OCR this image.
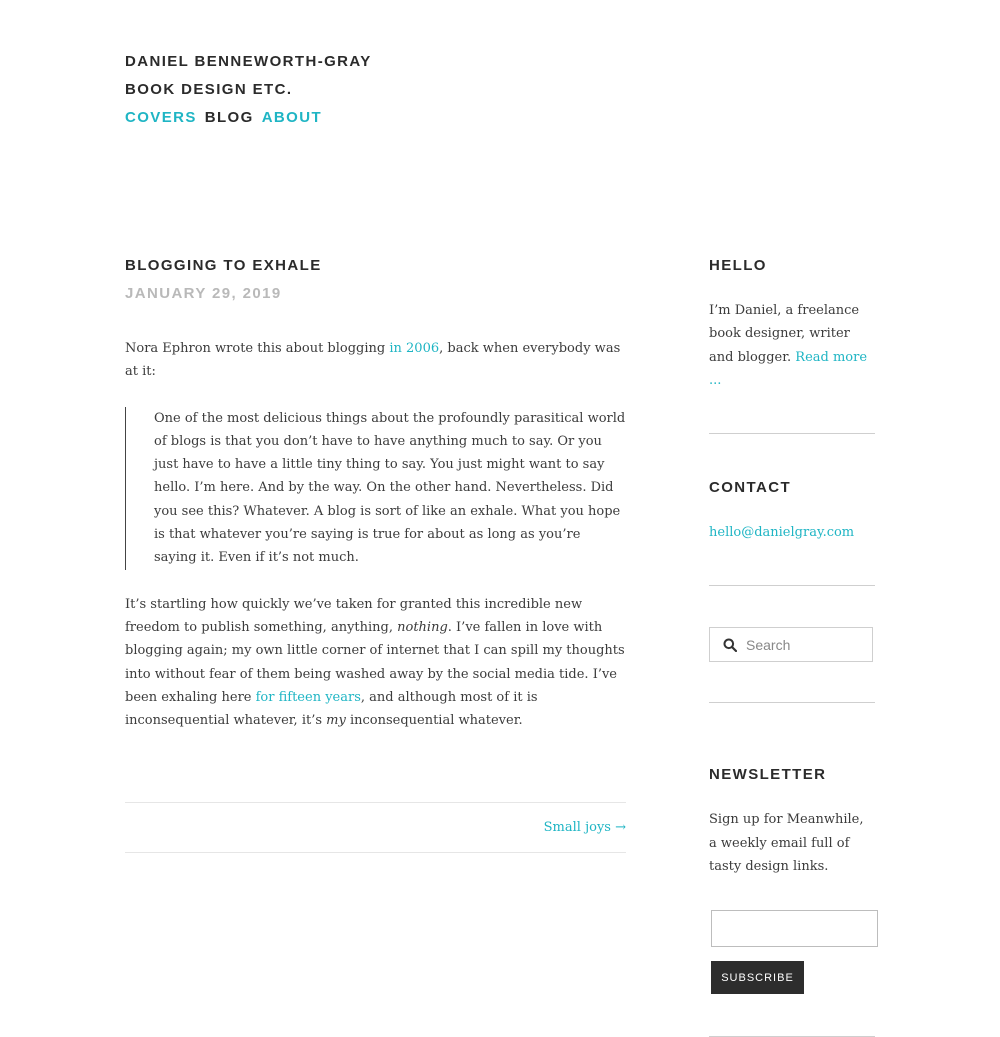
DANIEL BENNEWORTH-GRAY

BOOK DESIGN ETC.

COVERS BLOG ABOUT
BLOGGING TO EXHALE
JANUARY 29, 2019

Nora Ephron wrote this about blogging in 2006, back when everybody was at it:

One of the most delicious things about the profoundly parasitical world of blogs is that you don’t have to have anything much to say. Or you just have to have a little tiny thing to say. You just might want to say hello. I’m here. And by the way. On the other hand. Nevertheless. Did you see this? Whatever. A blog is sort of like an exhale. What you hope is that whatever you’re saying is true for about as long as you’re saying it. Even if it’s not much.

It’s startling how quickly we’ve taken for granted this incredible new freedom to publish something, anything, nothing. I’ve fallen in love with blogging again; my own little corner of internet that I can spill my thoughts into without fear of them being washed away by the social media tide. I’ve been exhaling here for fifteen years, and although most of it is inconsequential whatever, it’s my inconsequential whatever.

Small joys →
HELLO

I’m Daniel, a freelance book designer, writer and blogger. Read more ...

CONTACT

hello@danielgray.com

Search
NEWSLETTER

Sign up for Meanwhile, a weekly email full of tasty design links.

SUBSCRIBE
